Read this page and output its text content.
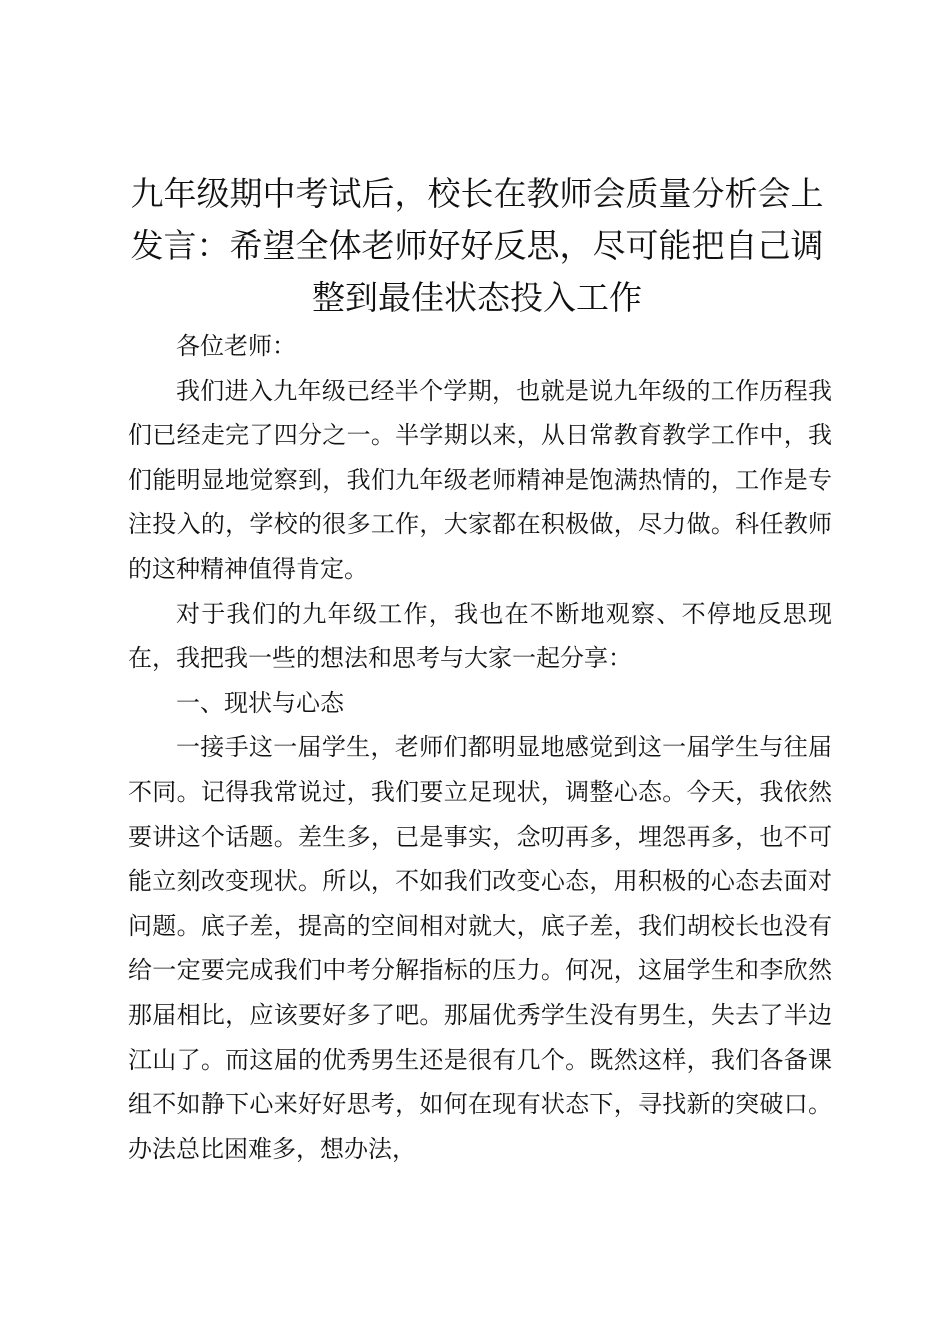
九年级期中考试后，校长在教师会质量分析会上发言：希望全体老师好好反思，尽可能把自己调整到最佳状态投入工作

各位老师：

我们进入九年级已经半个学期，也就是说九年级的工作历程我们已经走完了四分之一。半学期以来，从日常教育教学工作中，我们能明显地觉察到，我们九年级老师精神是饱满热情的，工作是专注投入的，学校的很多工作，大家都在积极做，尽力做。科任教师的这种精神值得肯定。

对于我们的九年级工作，我也在不断地观察、不停地反思现在，我把我一些的想法和思考与大家一起分享：

一、现状与心态

一接手这一届学生，老师们都明显地感觉到这一届学生与往届不同。记得我常说过，我们要立足现状，调整心态。今天，我依然要讲这个话题。差生多，已是事实，念叨再多，埋怨再多，也不可能立刻改变现状。所以，不如我们改变心态，用积极的心态去面对问题。底子差，提高的空间相对就大，底子差，我们胡校长也没有给一定要完成我们中考分解指标的压力。何况，这届学生和李欣然那届相比，应该要好多了吧。那届优秀学生没有男生，失去了半边江山了。而这届的优秀男生还是很有几个。既然这样，我们各备课组不如静下心来好好思考，如何在现有状态下，寻找新的突破口。办法总比困难多，想办法，
